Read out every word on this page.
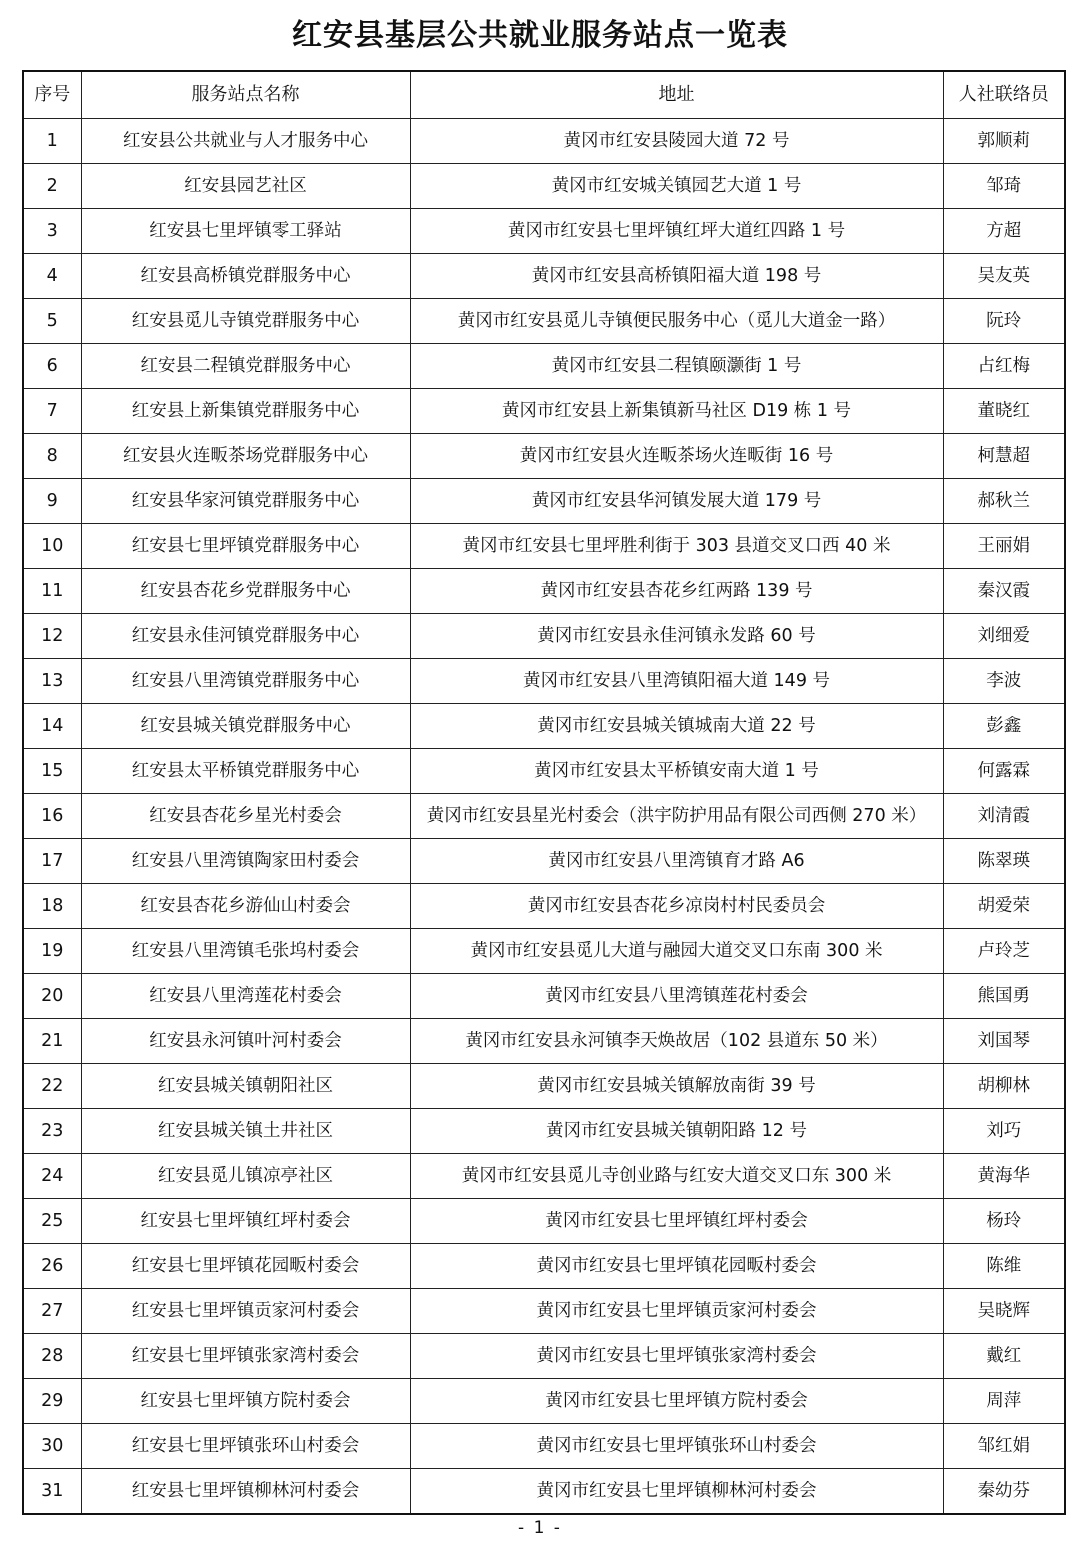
红安县基层公共就业服务站点一览表
序号	服务站点名称	地址	人社联络员
1	红安县公共就业与人才服务中心	黄冈市红安县陵园大道 72 号	郭顺莉
2	红安县园艺社区	黄冈市红安城关镇园艺大道 1 号	邹琦
3	红安县七里坪镇零工驿站	黄冈市红安县七里坪镇红坪大道红四路 1 号	方超
4	红安县高桥镇党群服务中心	黄冈市红安县高桥镇阳福大道 198 号	吴友英
5	红安县觅儿寺镇党群服务中心	黄冈市红安县觅儿寺镇便民服务中心（觅儿大道金一路）	阮玲
6	红安县二程镇党群服务中心	黄冈市红安县二程镇颐灏街 1 号	占红梅
7	红安县上新集镇党群服务中心	黄冈市红安县上新集镇新马社区 D19 栋 1 号	董晓红
8	红安县火连畈茶场党群服务中心	黄冈市红安县火连畈茶场火连畈街 16 号	柯慧超
9	红安县华家河镇党群服务中心	黄冈市红安县华河镇发展大道 179 号	郝秋兰
10	红安县七里坪镇党群服务中心	黄冈市红安县七里坪胜利街于 303 县道交叉口西 40 米	王丽娟
11	红安县杏花乡党群服务中心	黄冈市红安县杏花乡红两路 139 号	秦汉霞
12	红安县永佳河镇党群服务中心	黄冈市红安县永佳河镇永发路 60 号	刘细爱
13	红安县八里湾镇党群服务中心	黄冈市红安县八里湾镇阳福大道 149 号	李波
14	红安县城关镇党群服务中心	黄冈市红安县城关镇城南大道 22 号	彭鑫
15	红安县太平桥镇党群服务中心	黄冈市红安县太平桥镇安南大道 1 号	何露霖
16	红安县杏花乡星光村委会	黄冈市红安县星光村委会（洪宇防护用品有限公司西侧 270 米）	刘清霞
17	红安县八里湾镇陶家田村委会	黄冈市红安县八里湾镇育才路 A6	陈翠瑛
18	红安县杏花乡游仙山村委会	黄冈市红安县杏花乡凉岗村村民委员会	胡爱荣
19	红安县八里湾镇毛张坞村委会	黄冈市红安县觅儿大道与融园大道交叉口东南 300 米	卢玲芝
20	红安县八里湾莲花村委会	黄冈市红安县八里湾镇莲花村委会	熊国勇
21	红安县永河镇叶河村委会	黄冈市红安县永河镇李天焕故居（102 县道东 50 米）	刘国琴
22	红安县城关镇朝阳社区	黄冈市红安县城关镇解放南街 39 号	胡柳林
23	红安县城关镇土井社区	黄冈市红安县城关镇朝阳路 12 号	刘巧
24	红安县觅儿镇凉亭社区	黄冈市红安县觅儿寺创业路与红安大道交叉口东 300 米	黄海华
25	红安县七里坪镇红坪村委会	黄冈市红安县七里坪镇红坪村委会	杨玲
26	红安县七里坪镇花园畈村委会	黄冈市红安县七里坪镇花园畈村委会	陈维
27	红安县七里坪镇贡家河村委会	黄冈市红安县七里坪镇贡家河村委会	吴晓辉
28	红安县七里坪镇张家湾村委会	黄冈市红安县七里坪镇张家湾村委会	戴红
29	红安县七里坪镇方院村委会	黄冈市红安县七里坪镇方院村委会	周萍
30	红安县七里坪镇张环山村委会	黄冈市红安县七里坪镇张环山村委会	邹红娟
31	红安县七里坪镇柳林河村委会	黄冈市红安县七里坪镇柳林河村委会	秦幼芬
- 1 -
